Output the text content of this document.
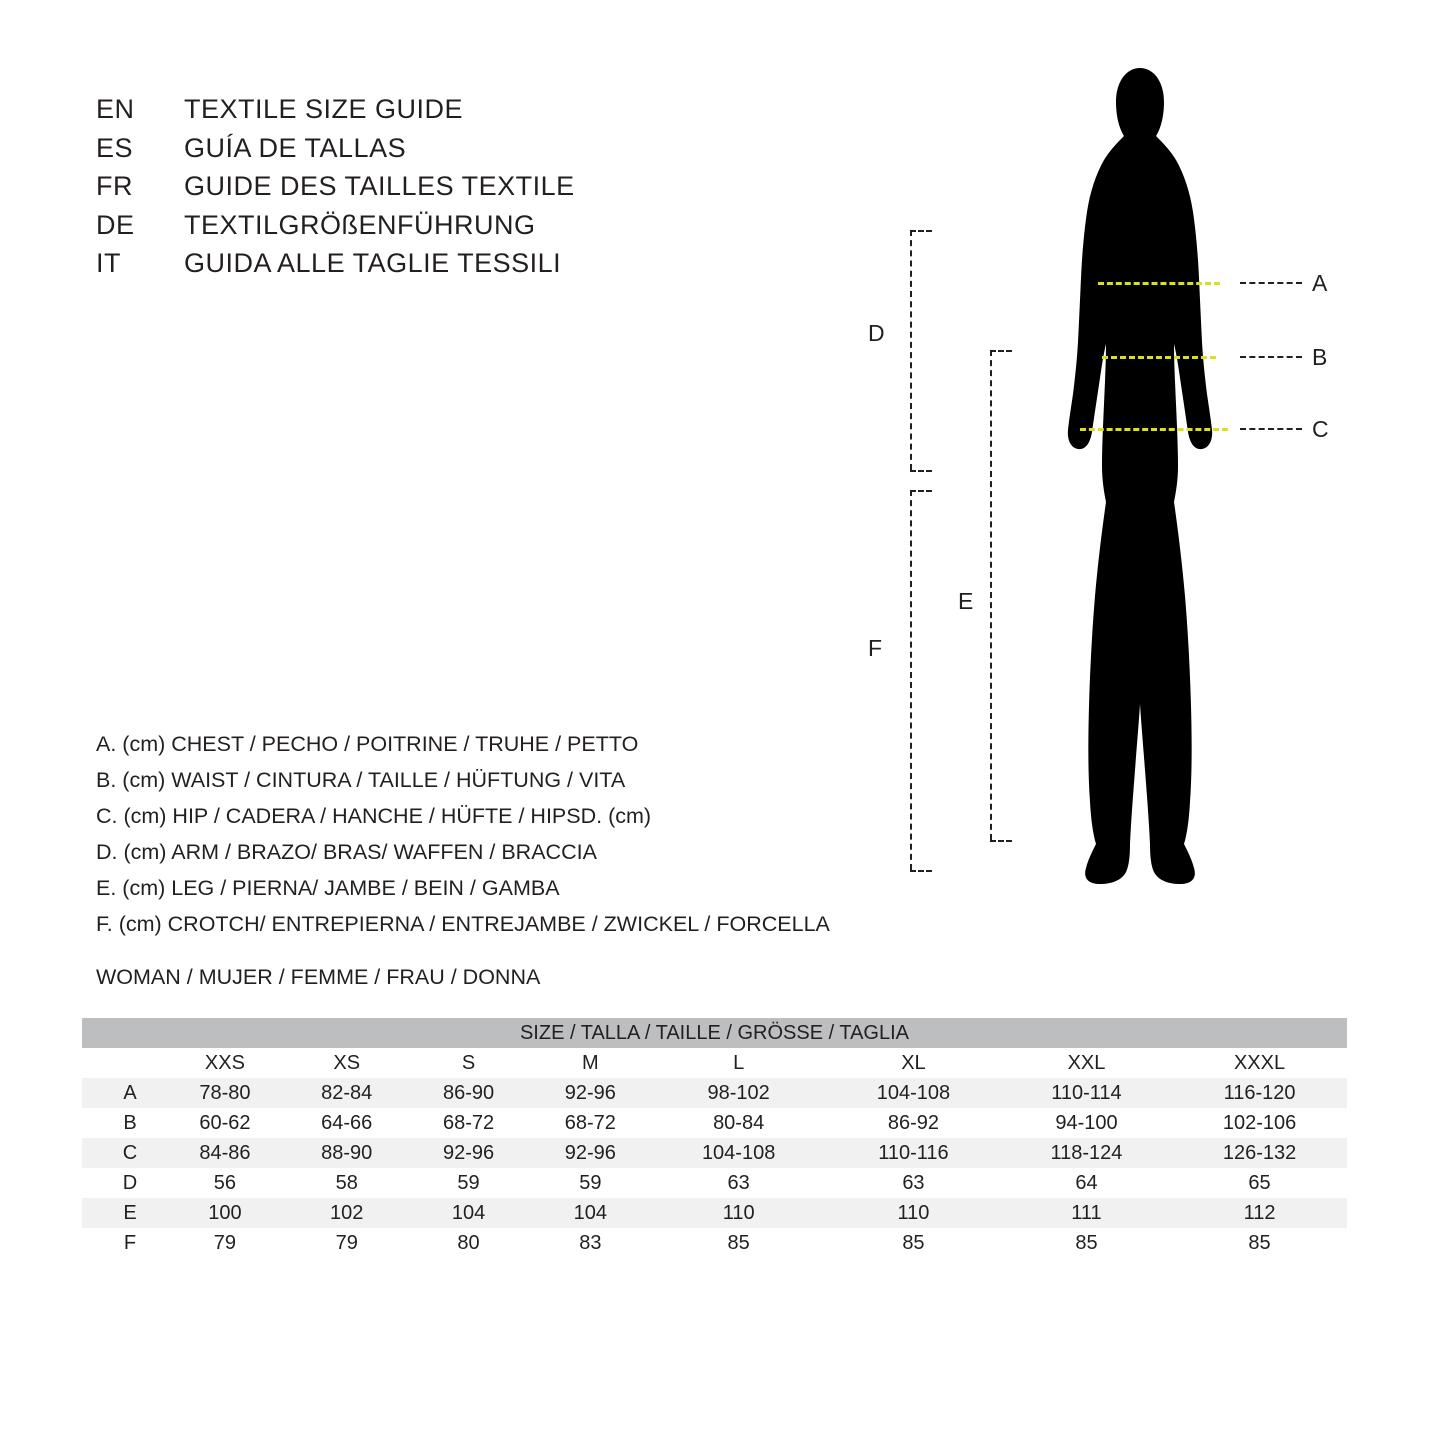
EN	TEXTILE SIZE GUIDE
ES	GUÍA DE TALLAS
FR	GUIDE DES TAILLES TEXTILE
DE	TEXTILGRÖßENFÜHRUNG
IT	GUIDA ALLE TAGLIE TESSILI
D
F
E
A
B
C
A. (cm) CHEST / PECHO / POITRINE / TRUHE / PETTO
B. (cm) WAIST / CINTURA / TAILLE / HÜFTUNG / VITA
C. (cm) HIP / CADERA / HANCHE / HÜFTE / HIPSD. (cm)
D. (cm) ARM / BRAZO/ BRAS/ WAFFEN / BRACCIA
E. (cm) LEG / PIERNA/ JAMBE / BEIN / GAMBA
F. (cm) CROTCH/ ENTREPIERNA / ENTREJAMBE / ZWICKEL / FORCELLA
WOMAN / MUJER / FEMME / FRAU / DONNA
SIZE / TALLA / TAILLE / GRÖSSE / TAGLIA								
	XXS	XS	S	M	L	XL	XXL	XXXL
A	78-80	82-84	86-90	92-96	98-102	104-108	110-114	116-120
B	60-62	64-66	68-72	68-72	80-84	86-92	94-100	102-106
C	84-86	88-90	92-96	92-96	104-108	110-116	118-124	126-132
D	56	58	59	59	63	63	64	65
E	100	102	104	104	110	110	111	112
F	79	79	80	83	85	85	85	85
